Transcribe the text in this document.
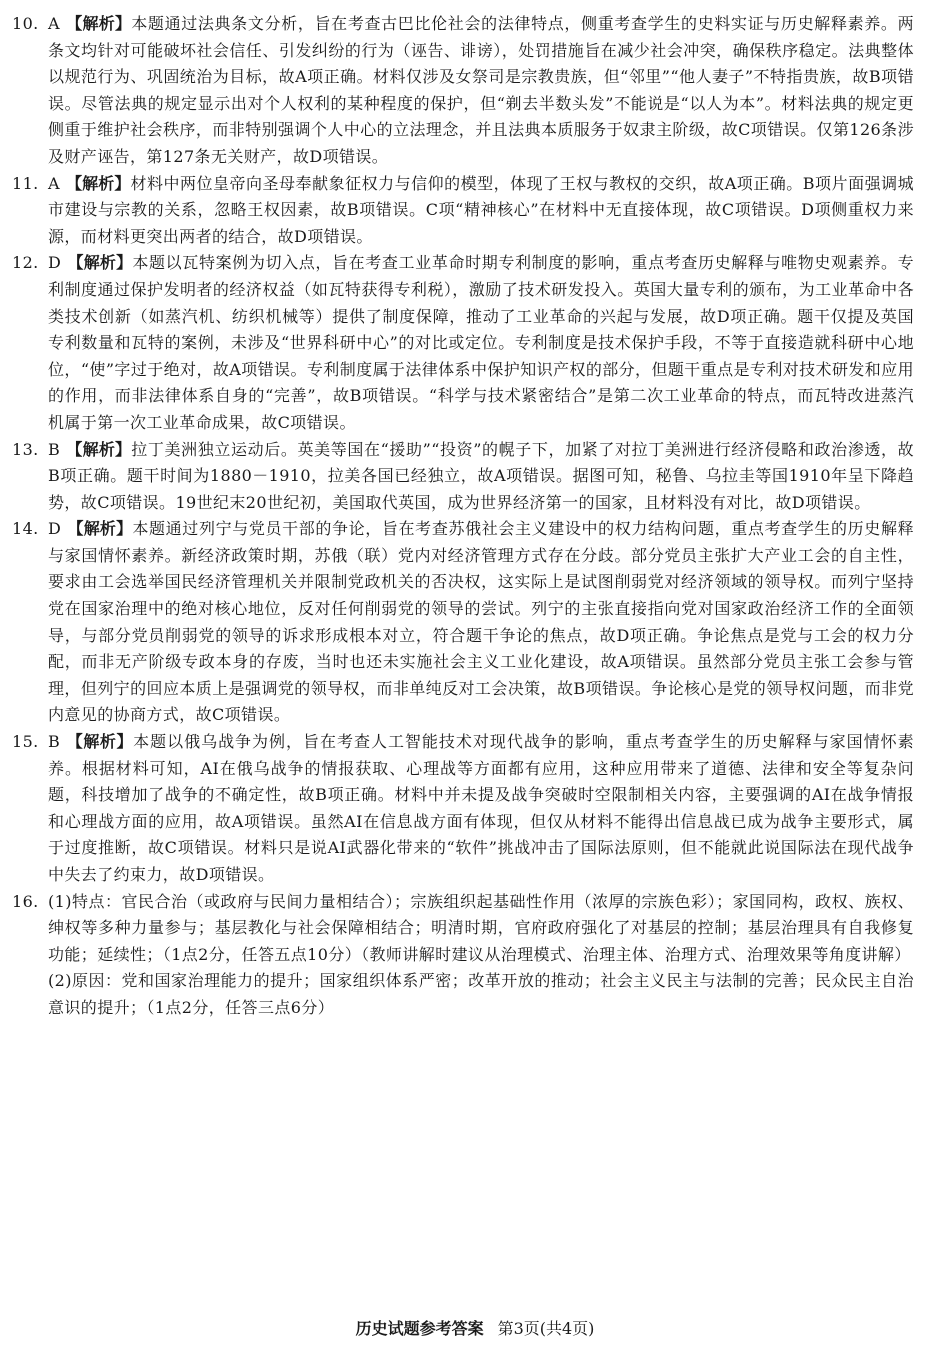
10. A 【解析】本题通过法典条文分析，旨在考查古巴比伦社会的法律特点，侧重考查学生的史料实证与历史解释素养。两条文均针对可能破坏社会信任、引发纠纷的行为（诬告、诽谤），处罚措施旨在减少社会冲突，确保秩序稳定。法典整体以规范行为、巩固统治为目标，故A项正确。材料仅涉及女祭司是宗教贵族，但“邻里”“他人妻子”不特指贵族，故B项错误。尽管法典的规定显示出对个人权利的某种程度的保护，但“剃去半数头发”不能说是“以人为本”。材料法典的规定更侧重于维护社会秩序，而非特别强调个人中心的立法理念，并且法典本质服务于奴隶主阶级，故C项错误。仅第126条涉及财产诬告，第127条无关财产，故D项错误。
11. A 【解析】材料中两位皇帝向圣母奉献象征权力与信仰的模型，体现了王权与教权的交织，故A项正确。B项片面强调城市建设与宗教的关系，忽略王权因素，故B项错误。C项“精神核心”在材料中无直接体现，故C项错误。D项侧重权力来源，而材料更突出两者的结合，故D项错误。
12. D 【解析】本题以瓦特案例为切入点，旨在考查工业革命时期专利制度的影响，重点考查历史解释与唯物史观素养。专利制度通过保护发明者的经济权益（如瓦特获得专利税），激励了技术研发投入。英国大量专利的颁布，为工业革命中各类技术创新（如蒸汽机、纺织机械等）提供了制度保障，推动了工业革命的兴起与发展，故D项正确。题干仅提及英国专利数量和瓦特的案例，未涉及“世界科研中心”的对比或定位。专利制度是技术保护手段，不等于直接造就科研中心地位，“使”字过于绝对，故A项错误。专利制度属于法律体系中保护知识产权的部分，但题干重点是专利对技术研发和应用的作用，而非法律体系自身的“完善”，故B项错误。“科学与技术紧密结合”是第二次工业革命的特点，而瓦特改进蒸汽机属于第一次工业革命成果，故C项错误。
13. B 【解析】拉丁美洲独立运动后。英美等国在“援助”“投资”的幌子下，加紧了对拉丁美洲进行经济侵略和政治渗透，故B项正确。题干时间为1880－1910，拉美各国已经独立，故A项错误。据图可知，秘鲁、乌拉圭等国1910年呈下降趋势，故C项错误。19世纪末20世纪初，美国取代英国，成为世界经济第一的国家，且材料没有对比，故D项错误。
14. D 【解析】本题通过列宁与党员干部的争论，旨在考查苏俄社会主义建设中的权力结构问题，重点考查学生的历史解释与家国情怀素养。新经济政策时期，苏俄（联）党内对经济管理方式存在分歧。部分党员主张扩大产业工会的自主性，要求由工会选举国民经济管理机关并限制党政机关的否决权，这实际上是试图削弱党对经济领域的领导权。而列宁坚持党在国家治理中的绝对核心地位，反对任何削弱党的领导的尝试。列宁的主张直接指向党对国家政治经济工作的全面领导，与部分党员削弱党的领导的诉求形成根本对立，符合题干争论的焦点，故D项正确。争论焦点是党与工会的权力分配，而非无产阶级专政本身的存废，当时也还未实施社会主义工业化建设，故A项错误。虽然部分党员主张工会参与管理，但列宁的回应本质上是强调党的领导权，而非单纯反对工会决策，故B项错误。争论核心是党的领导权问题，而非党内意见的协商方式，故C项错误。
15. B 【解析】本题以俄乌战争为例，旨在考查人工智能技术对现代战争的影响，重点考查学生的历史解释与家国情怀素养。根据材料可知，AI在俄乌战争的情报获取、心理战等方面都有应用，这种应用带来了道德、法律和安全等复杂问题，科技增加了战争的不确定性，故B项正确。材料中并未提及战争突破时空限制相关内容，主要强调的AI在战争情报和心理战方面的应用，故A项错误。虽然AI在信息战方面有体现，但仅从材料不能得出信息战已成为战争主要形式，属于过度推断，故C项错误。材料只是说AI武器化带来的“软件”挑战冲击了国际法原则，但不能就此说国际法在现代战争中失去了约束力，故D项错误。
16. (1)特点：官民合治（或政府与民间力量相结合）；宗族组织起基础性作用（浓厚的宗族色彩）；家国同构，政权、族权、绅权等多种力量参与；基层教化与社会保障相结合；明清时期，官府政府强化了对基层的控制；基层治理具有自我修复功能；延续性；（1点2分，任答五点10分）（教师讲解时建议从治理模式、治理主体、治理方式、治理效果等角度讲解）
(2)原因：党和国家治理能力的提升；国家组织体系严密；改革开放的推动；社会主义民主与法制的完善；民众民主自治意识的提升；（1点2分，任答三点6分）
历史试题参考答案 第3页(共4页)
